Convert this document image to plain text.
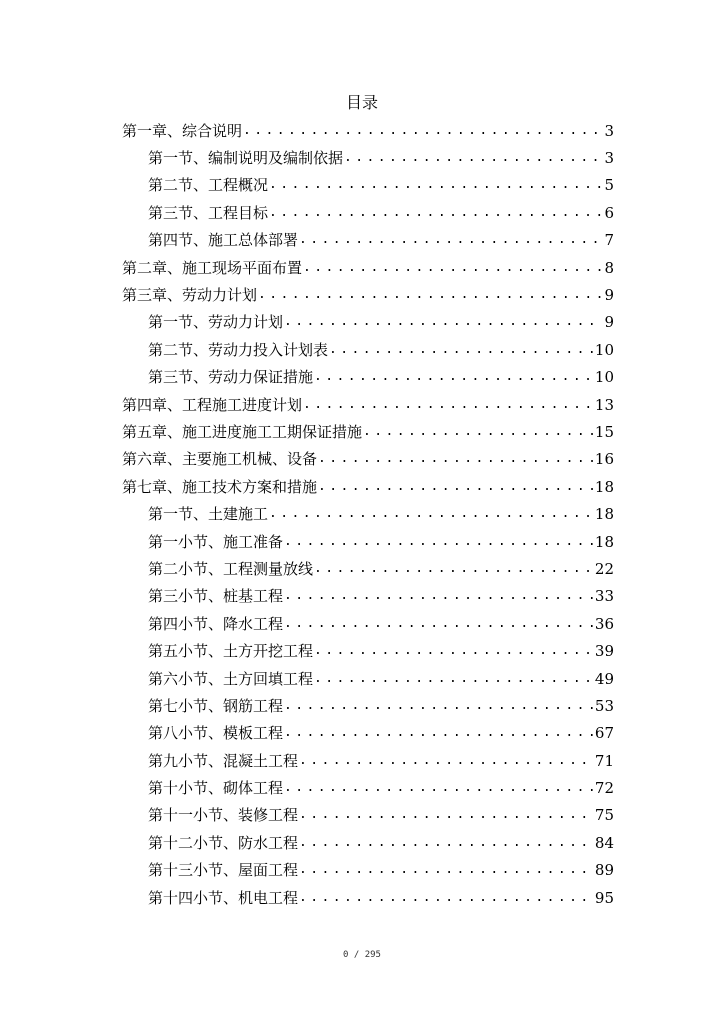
目录
第一章、综合说明 . . .	3
第一节、编制说明及编制依据 . . .	3
第二节、工程概况 . . .	5
第三节、工程目标 . . .	6
第四节、施工总体部署 . . .	7
第二章、施工现场平面布置 . . .	8
第三章、劳动力计划 . . .	9
第一节、劳动力计划 . . .	9
第二节、劳动力投入计划表 . . .	10
第三节、劳动力保证措施 . . .	10
第四章、工程施工进度计划 . . .	13
第五章、施工进度施工工期保证措施 . . .	15
第六章、主要施工机械、设备 . . .	16
第七章、施工技术方案和措施 . . .	18
第一节、土建施工 . . .	18
第一小节、施工准备 . . .	18
第二小节、工程测量放线 . . .	22
第三小节、桩基工程 . . .	33
第四小节、降水工程 . . .	36
第五小节、土方开挖工程 . . .	39
第六小节、土方回填工程 . . .	49
第七小节、钢筋工程 . . .	53
第八小节、模板工程 . . .	67
第九小节、混凝土工程 . . .	71
第十小节、砌体工程 . . .	72
第十一小节、装修工程 . . .	75
第十二小节、防水工程 . . .	84
第十三小节、屋面工程 . . .	89
第十四小节、机电工程 . . .	95
0 / 295
